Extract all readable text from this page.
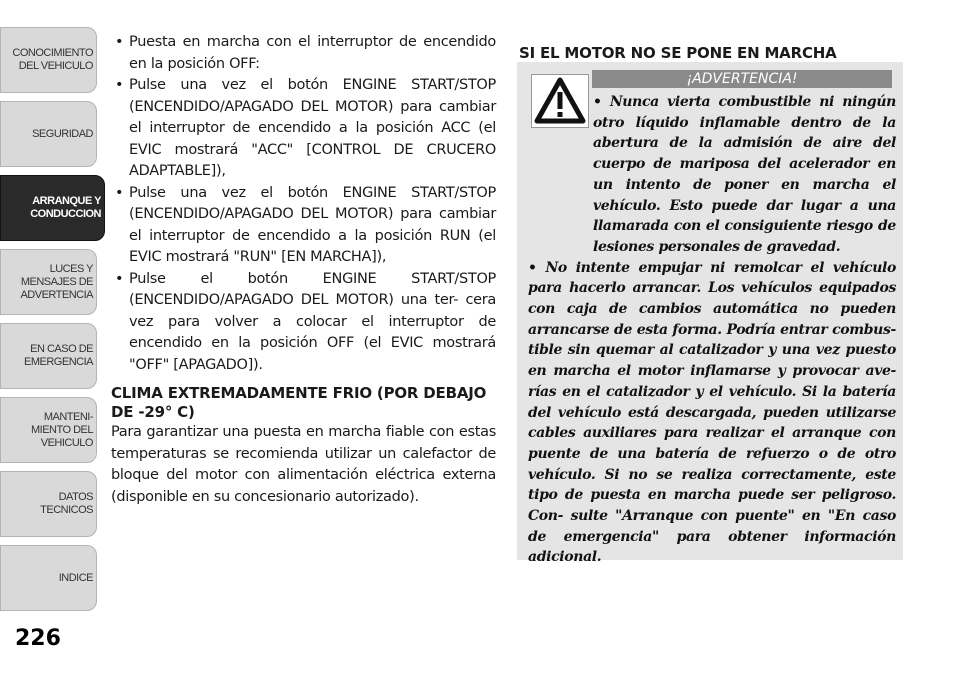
CONOCIMIENTO
DEL VEHICULO
SEGURIDAD
ARRANQUE Y
CONDUCCION
LUCES Y
MENSAJES DE
ADVERTENCIA
EN CASO DE
EMERGENCIA
MANTENI-
MIENTO DEL
VEHICULO
DATOS
TECNICOS
INDICE
226
• Puesta en marcha con el interruptor de encendido en la posición OFF:
• Pulse una vez el botón ENGINE START/STOP (ENCENDIDO/APAGADO DEL MOTOR) para cambiar el interruptor de encendido a la posición ACC (el EVIC mostrará "ACC" [CONTROL DE CRUCERO ADAPTABLE]),
• Pulse una vez el botón ENGINE START/STOP (ENCENDIDO/APAGADO DEL MOTOR) para cambiar el interruptor de encendido a la posición RUN (el EVIC mostrará "RUN" [EN MARCHA]),
• Pulse el botón ENGINE START/STOP (ENCENDIDO/APAGADO DEL MOTOR) una ter- cera vez para volver a colocar el interruptor de encendido en la posición OFF (el EVIC mostrará "OFF" [APAGADO]).
CLIMA EXTREMADAMENTE FRIO (POR DEBAJO DE -29° C)

Para garantizar una puesta en marcha fiable con estas temperaturas se recomienda utilizar un calefactor de bloque del motor con alimentación eléctrica externa (disponible en su concesionario autorizado).

SI EL MOTOR NO SE PONE EN MARCHA
¡ADVERTENCIA!

• Nunca vierta combustible ni ningún otro líquido inflamable dentro de la abertura de la admisión de aire del cuerpo de mariposa del acelerador en un intento de poner en marcha el vehículo. Esto puede dar lugar a una llamarada con el consiguiente riesgo de lesiones personales de gravedad.

• No intente empujar ni remolcar el vehículo para hacerlo arrancar. Los vehículos equipados con caja de cambios automática no pueden arrancarse de esta forma. Podría entrar combus- tible sin quemar al catalizador y una vez puesto en marcha el motor inflamarse y provocar ave- rías en el catalizador y el vehículo. Si la batería del vehículo está descargada, pueden utilizarse cables auxiliares para realizar el arranque con puente de una batería de refuerzo o de otro vehículo. Si no se realiza correctamente, este tipo de puesta en marcha puede ser peligroso. Con- sulte "Arranque con puente" en "En caso de emergencia" para obtener información adicional.
